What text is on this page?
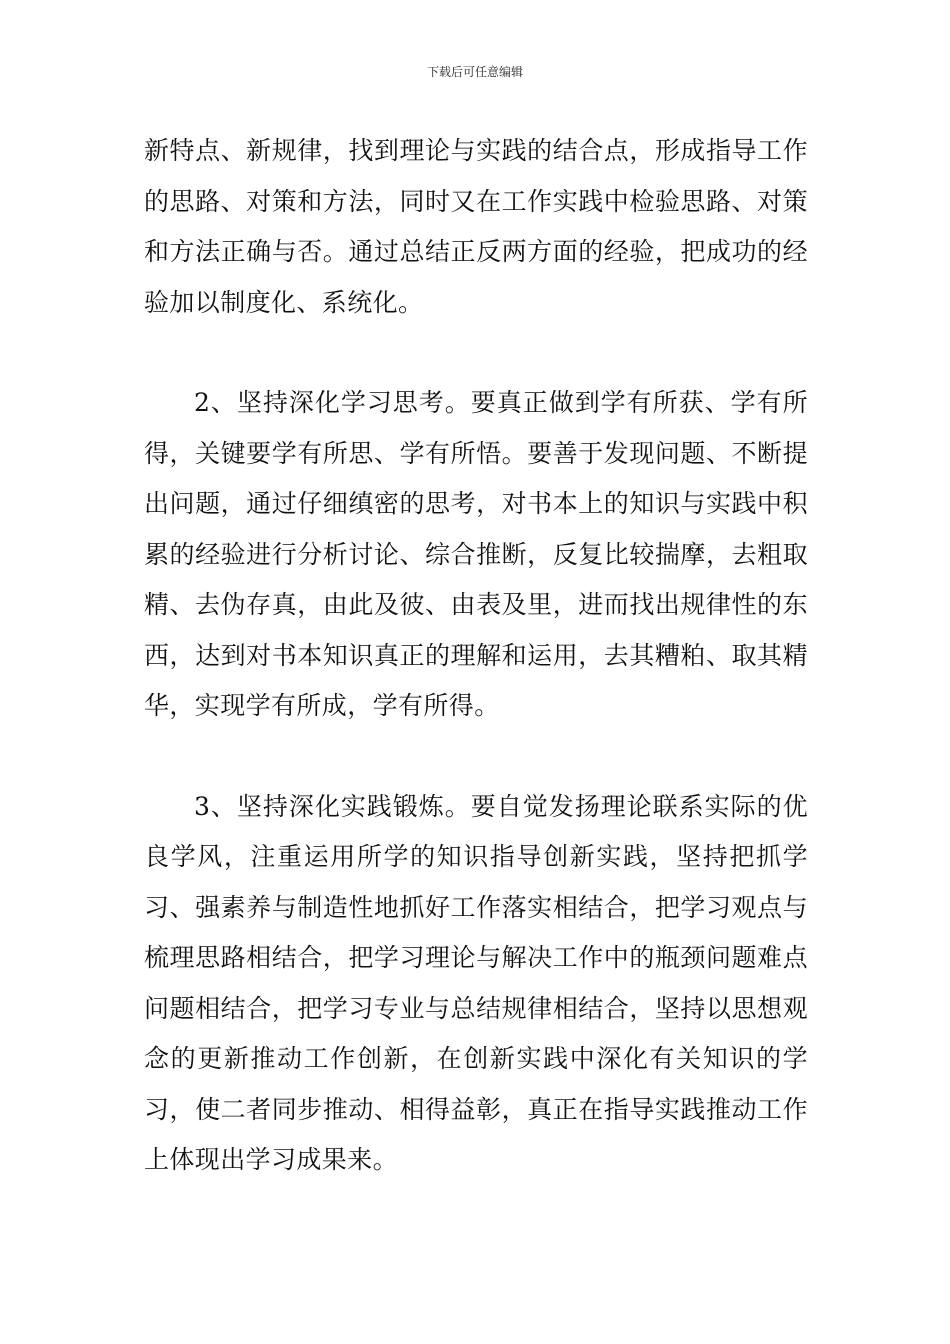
下载后可任意编辑

新特点、新规律，找到理论与实践的结合点，形成指导工作的思路、对策和方法，同时又在工作实践中检验思路、对策和方法正确与否。通过总结正反两方面的经验，把成功的经验加以制度化、系统化。

2、坚持深化学习思考。要真正做到学有所获、学有所得，关键要学有所思、学有所悟。要善于发现问题、不断提出问题，通过仔细缜密的思考，对书本上的知识与实践中积累的经验进行分析讨论、综合推断，反复比较揣摩，去粗取精、去伪存真，由此及彼、由表及里，进而找出规律性的东西，达到对书本知识真正的理解和运用，去其糟粕、取其精华，实现学有所成，学有所得。

3、坚持深化实践锻炼。要自觉发扬理论联系实际的优良学风，注重运用所学的知识指导创新实践，坚持把抓学习、强素养与制造性地抓好工作落实相结合，把学习观点与梳理思路相结合，把学习理论与解决工作中的瓶颈问题难点问题相结合，把学习专业与总结规律相结合，坚持以思想观念的更新推动工作创新，在创新实践中深化有关知识的学习，使二者同步推动、相得益彰，真正在指导实践推动工作上体现出学习成果来。
